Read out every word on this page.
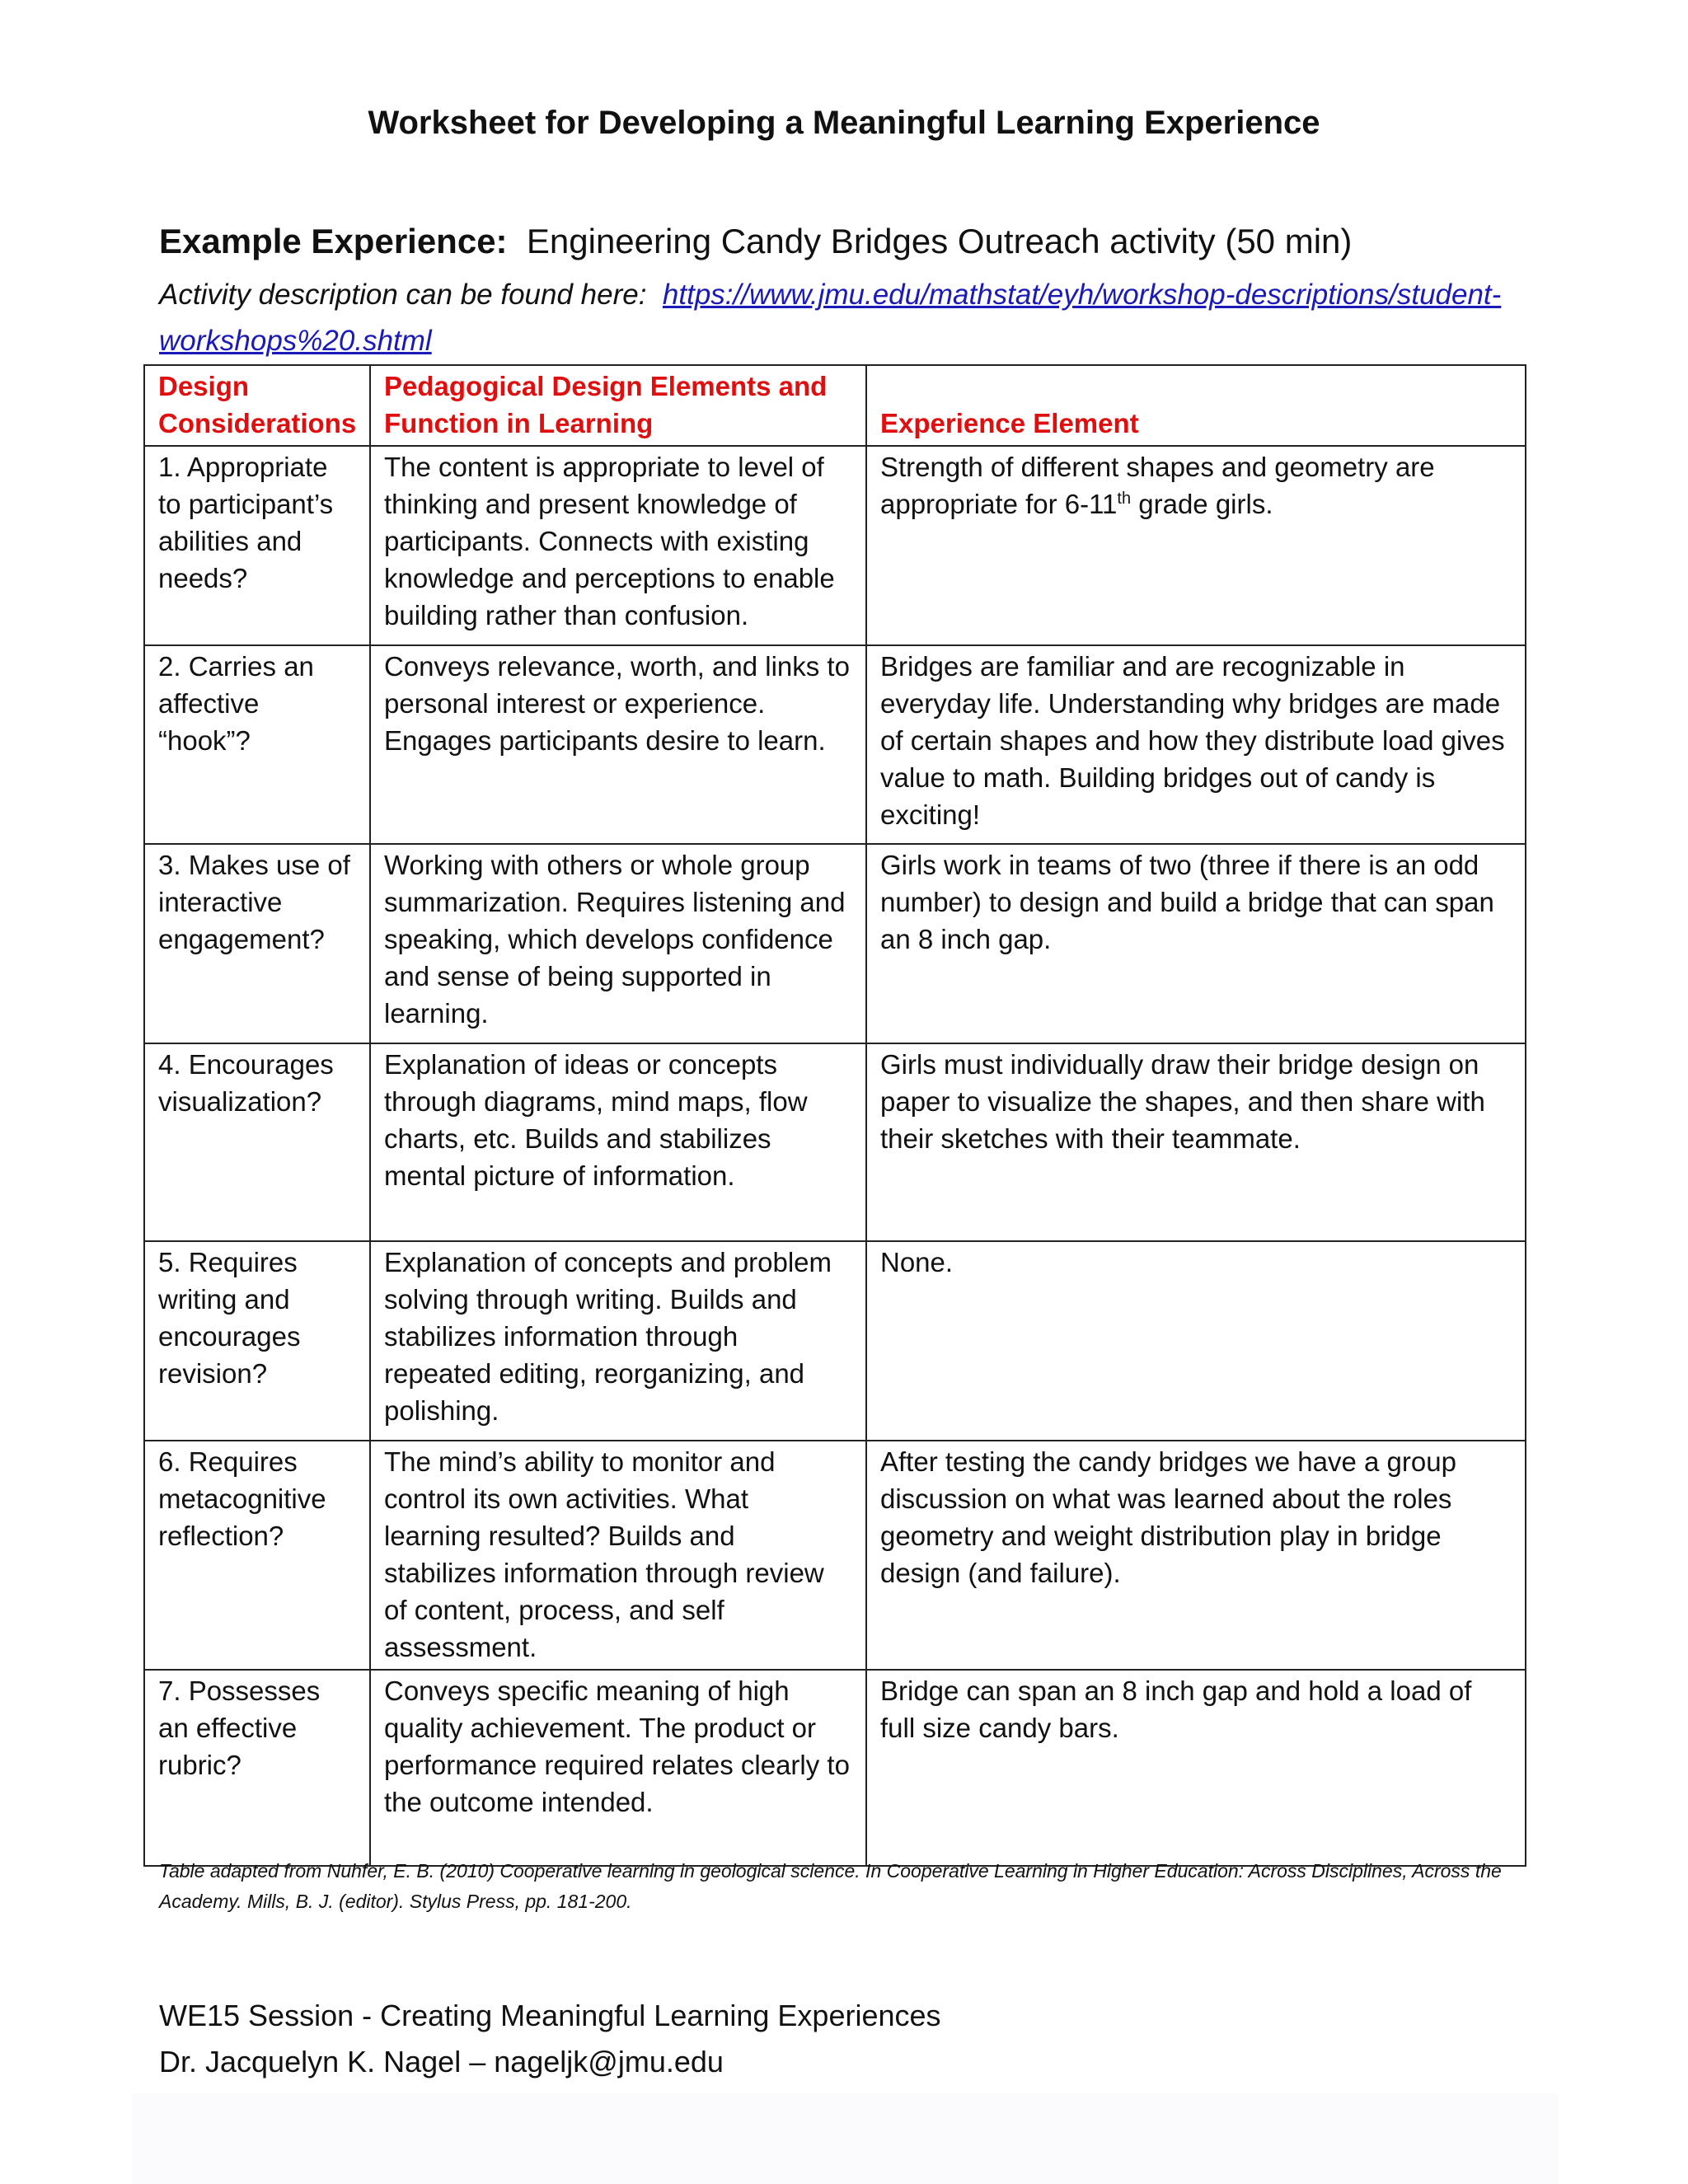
Worksheet for Developing a Meaningful Learning Experience
Example Experience: Engineering Candy Bridges Outreach activity (50 min)
Activity description can be found here: https://www.jmu.edu/mathstat/eyh/workshop-descriptions/student-workshops%20.shtml
Design Considerations	Pedagogical Design Elements and Function in Learning	Experience Element
1. Appropriate to participant’s abilities and needs?	The content is appropriate to level of thinking and present knowledge of participants. Connects with existing knowledge and perceptions to enable building rather than confusion.	Strength of different shapes and geometry are appropriate for 6-11th grade girls.
2. Carries an affective “hook”?	Conveys relevance, worth, and links to personal interest or experience. Engages participants desire to learn.	Bridges are familiar and are recognizable in everyday life. Understanding why bridges are made of certain shapes and how they distribute load gives value to math. Building bridges out of candy is exciting!
3. Makes use of interactive engagement?	Working with others or whole group summarization. Requires listening and speaking, which develops confidence and sense of being supported in learning.	Girls work in teams of two (three if there is an odd number) to design and build a bridge that can span an 8 inch gap.
4. Encourages visualization?	Explanation of ideas or concepts through diagrams, mind maps, flow charts, etc. Builds and stabilizes mental picture of information.	Girls must individually draw their bridge design on paper to visualize the shapes, and then share with their sketches with their teammate.
5. Requires writing and encourages revision?	Explanation of concepts and problem solving through writing. Builds and stabilizes information through repeated editing, reorganizing, and polishing.	None.
6. Requires metacognitive reflection?	The mind’s ability to monitor and control its own activities. What learning resulted? Builds and stabilizes information through review of content, process, and self assessment.	After testing the candy bridges we have a group discussion on what was learned about the roles geometry and weight distribution play in bridge design (and failure).
7. Possesses an effective rubric?	Conveys specific meaning of high quality achievement. The product or performance required relates clearly to the outcome intended.	Bridge can span an 8 inch gap and hold a load of full size candy bars.
Table adapted from Nuhfer, E. B. (2010) Cooperative learning in geological science. In Cooperative Learning in Higher Education: Across Disciplines, Across the Academy. Mills, B. J. (editor). Stylus Press, pp. 181-200.
WE15 Session - Creating Meaningful Learning Experiences
Dr. Jacquelyn K. Nagel – nageljk@jmu.edu
